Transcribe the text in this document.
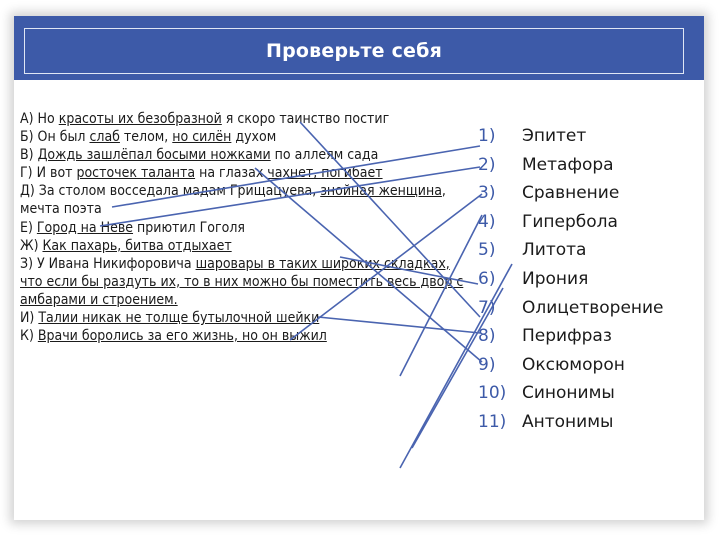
Проверьте себя

А) Но красоты их безобразной я скоро таинство постиг

Б) Он был слаб телом, но силён духом

В) Дождь зашлёпал босыми ножками по аллеям сада

Г) И вот росточек таланта на глазах чахнет, погибает

Д) За столом восседала мадам Грищацуева, знойная женщина, мечта поэта

Е) Город на Неве приютил Гоголя

Ж) Как пахарь, битва отдыхает

З) У Ивана Никифоровича шаровары в таких широких складках, что если бы раздуть их, то в них можно бы поместить весь двор с амбарами и строением.

И) Талии никак не толще бутылочной шейки

К) Врачи боролись за его жизнь, но он выжил

1)	Эпитет
2)	Метафора
3)	Сравнение
4)	Гипербола
5)	Литота
6)	Ирония
7)	Олицетворение
8)	Перифраз
9)	Оксюморон
10) Синонимы
11) Антонимы
